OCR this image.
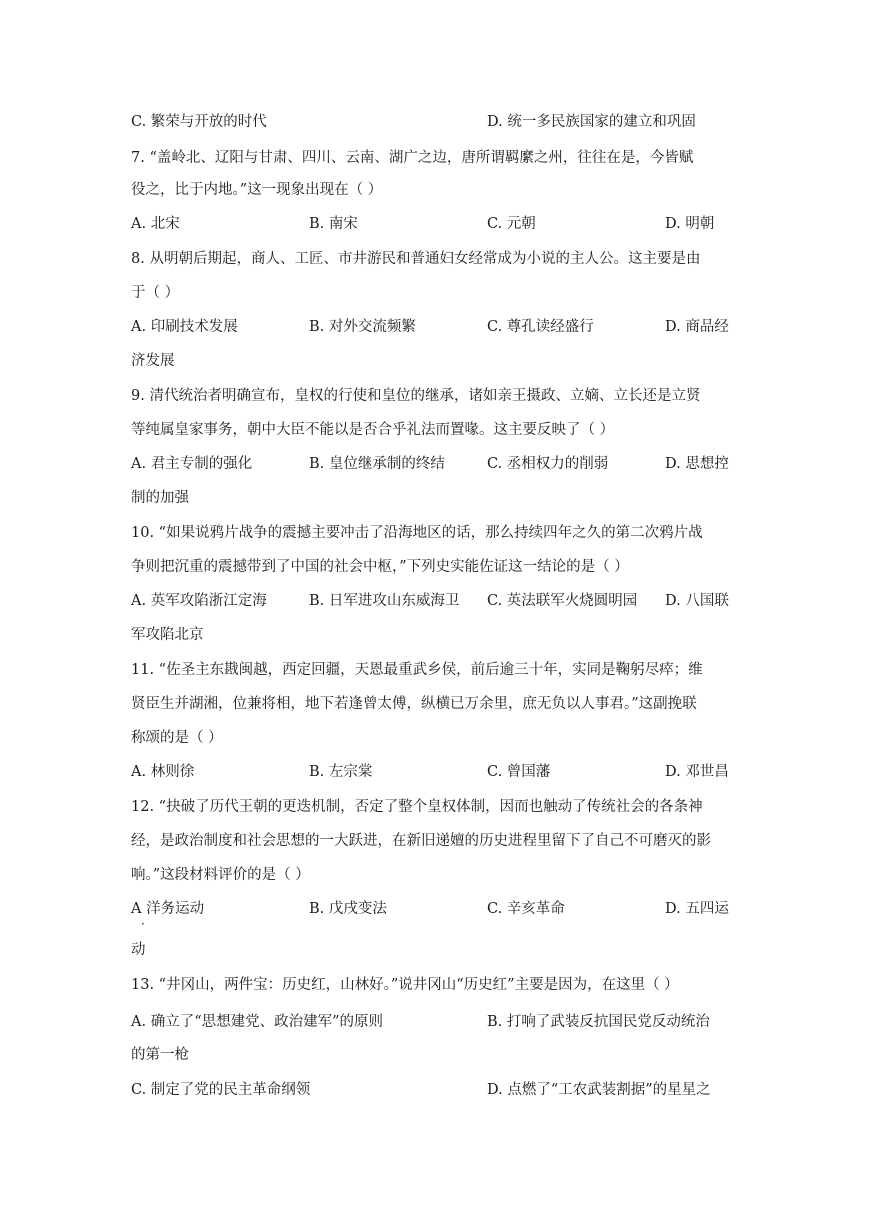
C. 繁荣与开放的时代	D. 统一多民族国家的建立和巩固
7. “盖岭北、辽阳与甘肃、四川、云南、湖广之边，唐所谓羁縻之州，往往在是，今皆赋
役之，比于内地。”这一现象出现在（ ）
A. 北宋	B. 南宋	C. 元朝	D. 明朝
8. 从明朝后期起，商人、工匠、市井游民和普通妇女经常成为小说的主人公。这主要是由
于（ ）
A. 印刷技术发展	B. 对外交流频繁	C. 尊孔读经盛行	D. 商品经
济发展
9. 清代统治者明确宣布，皇权的行使和皇位的继承，诸如亲王摄政、立嫡、立长还是立贤
等纯属皇家事务，朝中大臣不能以是否合乎礼法而置喙。这主要反映了（ ）
A. 君主专制的强化	B. 皇位继承制的终结	C. 丞相权力的削弱	D. 思想控
制的加强
10. “如果说鸦片战争的震撼主要冲击了沿海地区的话，那么持续四年之久的第二次鸦片战
争则把沉重的震撼带到了中国的社会中枢，”下列史实能佐证这一结论的是（ ）
A. 英军攻陷浙江定海	B. 日军进攻山东威海卫 C. 英法联军火烧圆明园 D. 八国联
军攻陷北京
11. “佐圣主东戡闽越，西定回疆，天恩最重武乡侯，前后逾三十年，实同是鞠躬尽瘁；维
贤臣生并湖湘，位兼将相，地下若逢曾太傅，纵横已万余里，庶无负以人事君。”这副挽联
称颂的是（ ）
A. 林则徐	B. 左宗棠	C. 曾国藩	D. 邓世昌
12. “抉破了历代王朝的更迭机制，否定了整个皇权体制，因而也触动了传统社会的各条神
经，是政治制度和社会思想的一大跃进，在新旧递嬗的历史进程里留下了自己不可磨灭的影
响。”这段材料评价的是（ ）
A 洋务运动	B. 戊戌变法	C. 辛亥革命	D. 五四运
·
动
13. “井冈山，两件宝：历史红，山林好。”说井冈山“历史红”主要是因为，在这里（ ）
A. 确立了“思想建党、政治建军”的原则	B. 打响了武装反抗国民党反动统治
的第一枪
C. 制定了党的民主革命纲领	D. 点燃了“工农武装割据”的星星之
